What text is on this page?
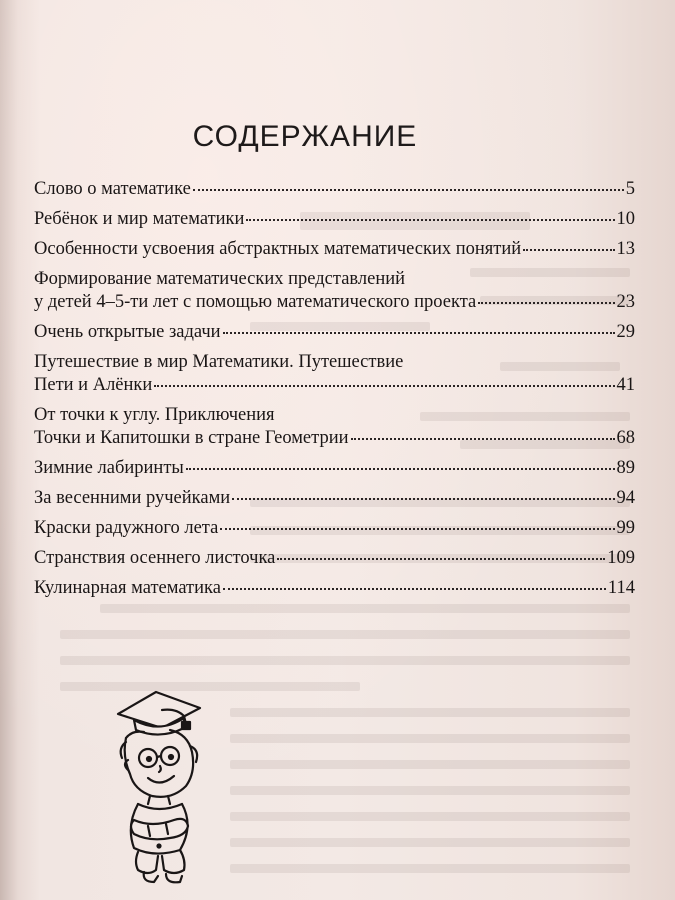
СОДЕРЖАНИЕ
Слово о математике	5
Ребёнок и мир математики	10
Особенности усвоения абстрактных математических понятий	13
Формирование математических представлений
у детей 4–5-ти лет с помощью математического проекта	23
Очень открытые задачи	29
Путешествие в мир Математики. Путешествие
Пети и Алёнки	41
От точки к углу. Приключения
Точки и Капитошки в стране Геометрии	68
Зимние лабиринты	89
За весенними ручейками	94
Краски радужного лета	99
Странствия осеннего листочка	109
Кулинарная математика	114
